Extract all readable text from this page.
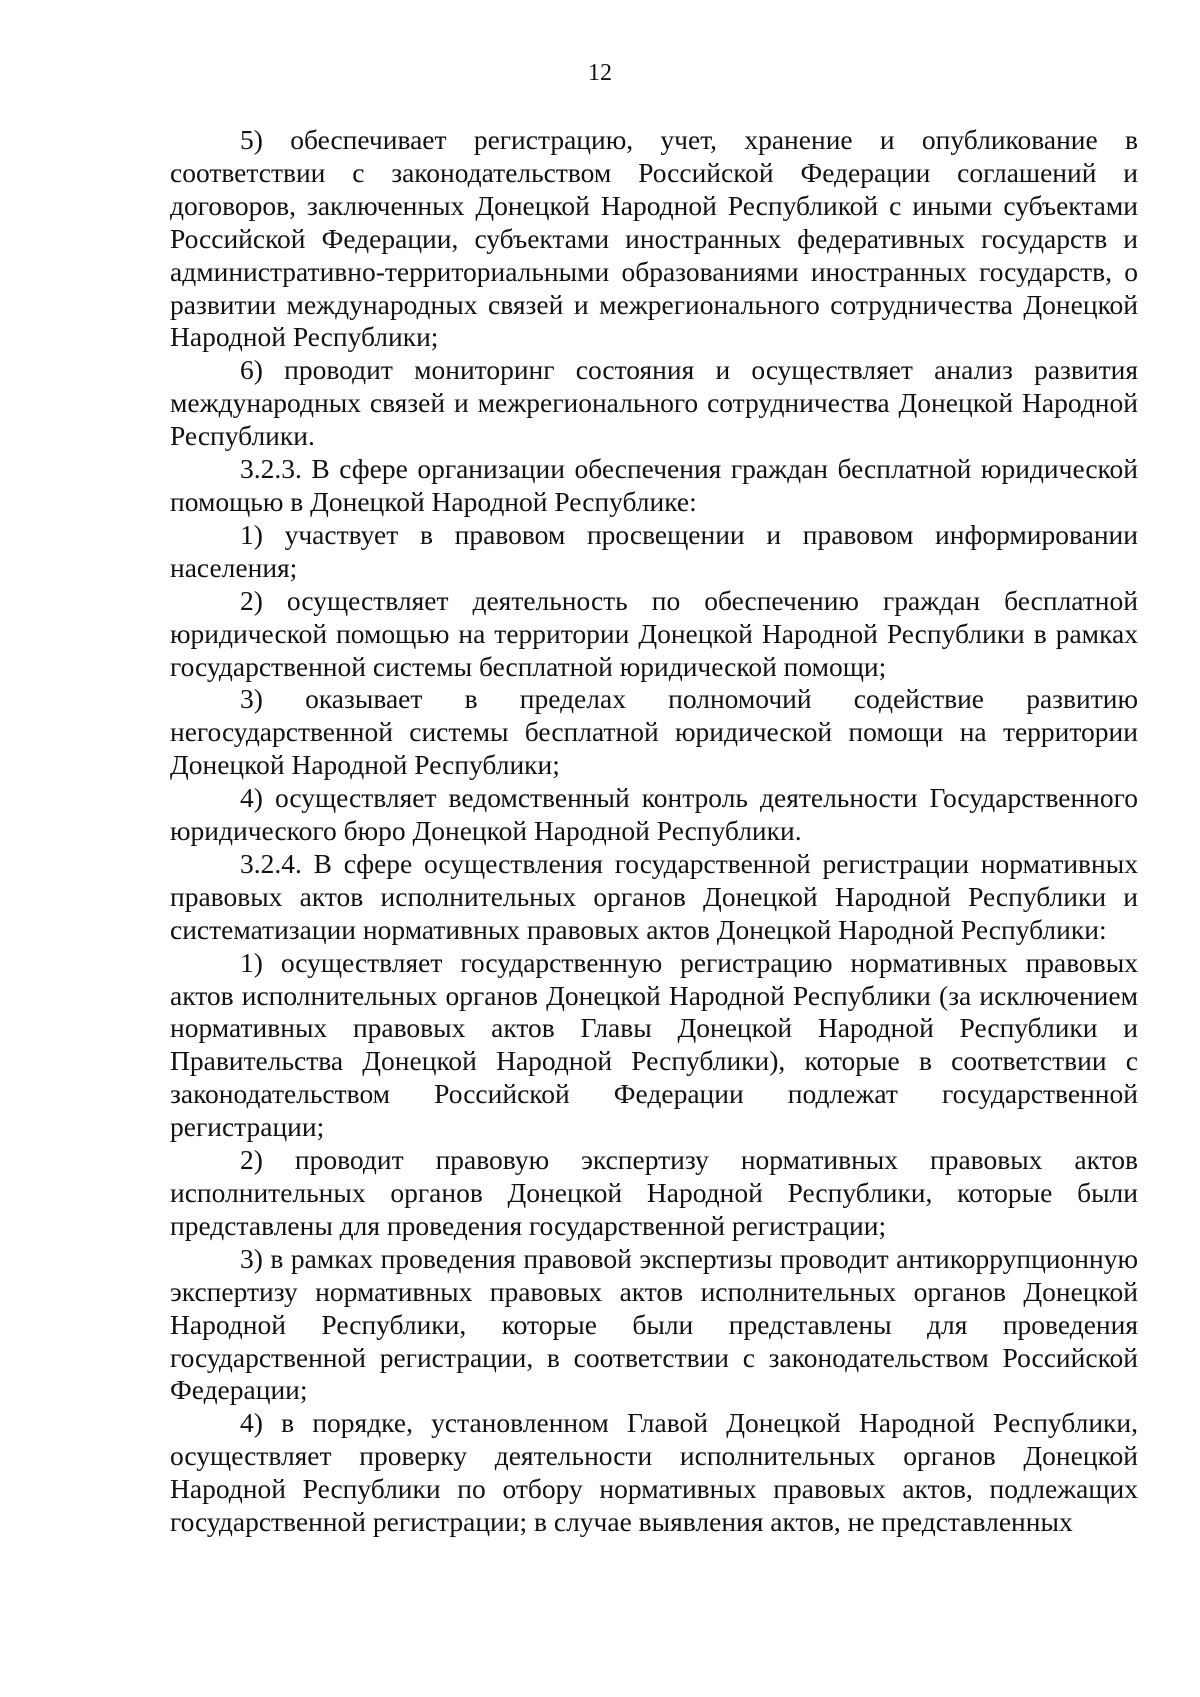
12

5) обеспечивает регистрацию, учет, хранение и опубликование в соответствии с законодательством Российской Федерации соглашений и договоров, заключенных Донецкой Народной Республикой с иными субъектами Российской Федерации, субъектами иностранных федеративных государств и административно-территориальными образованиями иностранных государств, о развитии международных связей и межрегионального сотрудничества Донецкой Народной Республики;

6) проводит мониторинг состояния и осуществляет анализ развития международных связей и межрегионального сотрудничества Донецкой Народной Республики.

3.2.3. В сфере организации обеспечения граждан бесплатной юридической помощью в Донецкой Народной Республике:

1) участвует в правовом просвещении и правовом информировании населения;

2) осуществляет деятельность по обеспечению граждан бесплатной юридической помощью на территории Донецкой Народной Республики в рамках государственной системы бесплатной юридической помощи;

3) оказывает в пределах полномочий содействие развитию негосударственной системы бесплатной юридической помощи на территории Донецкой Народной Республики;

4) осуществляет ведомственный контроль деятельности Государственного юридического бюро Донецкой Народной Республики.

3.2.4. В сфере осуществления государственной регистрации нормативных правовых актов исполнительных органов Донецкой Народной Республики и систематизации нормативных правовых актов Донецкой Народной Республики:

1) осуществляет государственную регистрацию нормативных правовых актов исполнительных органов Донецкой Народной Республики (за исключением нормативных правовых актов Главы Донецкой Народной Республики и Правительства Донецкой Народной Республики), которые в соответствии с законодательством Российской Федерации подлежат государственной регистрации;

2) проводит правовую экспертизу нормативных правовых актов исполнительных органов Донецкой Народной Республики, которые были представлены для проведения государственной регистрации;

3) в рамках проведения правовой экспертизы проводит антикоррупционную экспертизу нормативных правовых актов исполнительных органов Донецкой Народной Республики, которые были представлены для проведения государственной регистрации, в соответствии с законодательством Российской Федерации;

4) в порядке, установленном Главой Донецкой Народной Республики, осуществляет проверку деятельности исполнительных органов Донецкой Народной Республики по отбору нормативных правовых актов, подлежащих государственной регистрации; в случае выявления актов, не представленных
